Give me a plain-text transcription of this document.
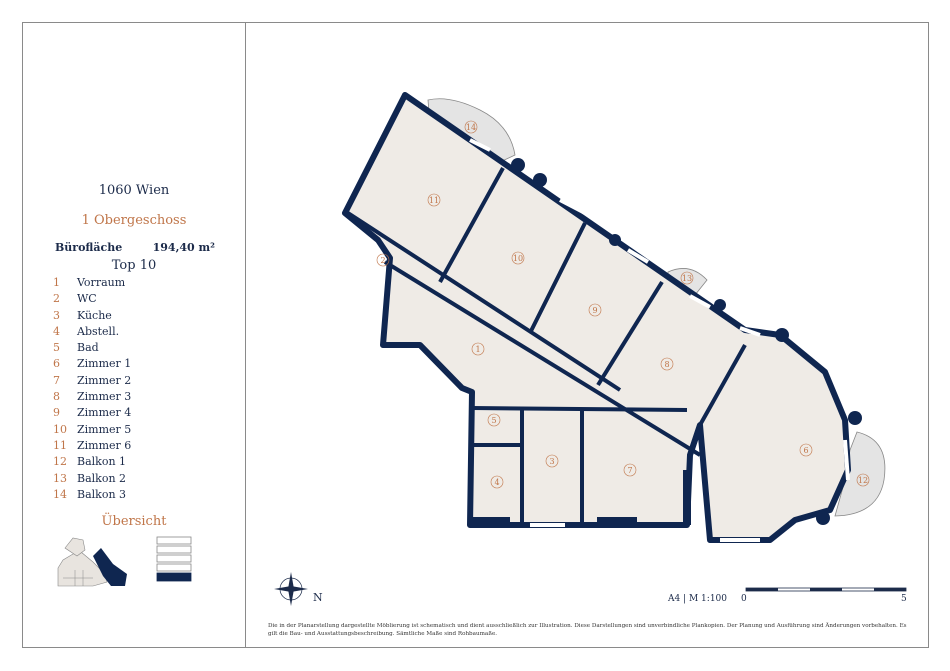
1060 Wien
1 Obergeschoss
Bürofläche	194,40 m²
Top 10
1 Vorraum
2 WC
3 Küche
4 Abstell.
5 Bad
6 Zimmer 1
7 Zimmer 2
8 Zimmer 3
9 Zimmer 4
10 Zimmer 5
11 Zimmer 6
12 Balkon 1
13 Balkon 2
14 Balkon 3
Übersicht
11
10
9
8
6
7
3
4
5
1
2
14
13
12
N	A4 | M 1:100 0	5
Die in der Planarstellung dargestellte Möblierung ist schematisch und dient ausschließlich zur Illustration. Diese Darstellungen sind unverbindliche Plankopien. Der Planung und Ausführung sind Änderungen vorbehalten. Es gilt die Bau- und Ausstattungsbeschreibung. Sämtliche Maße sind Rohbaumaße.
